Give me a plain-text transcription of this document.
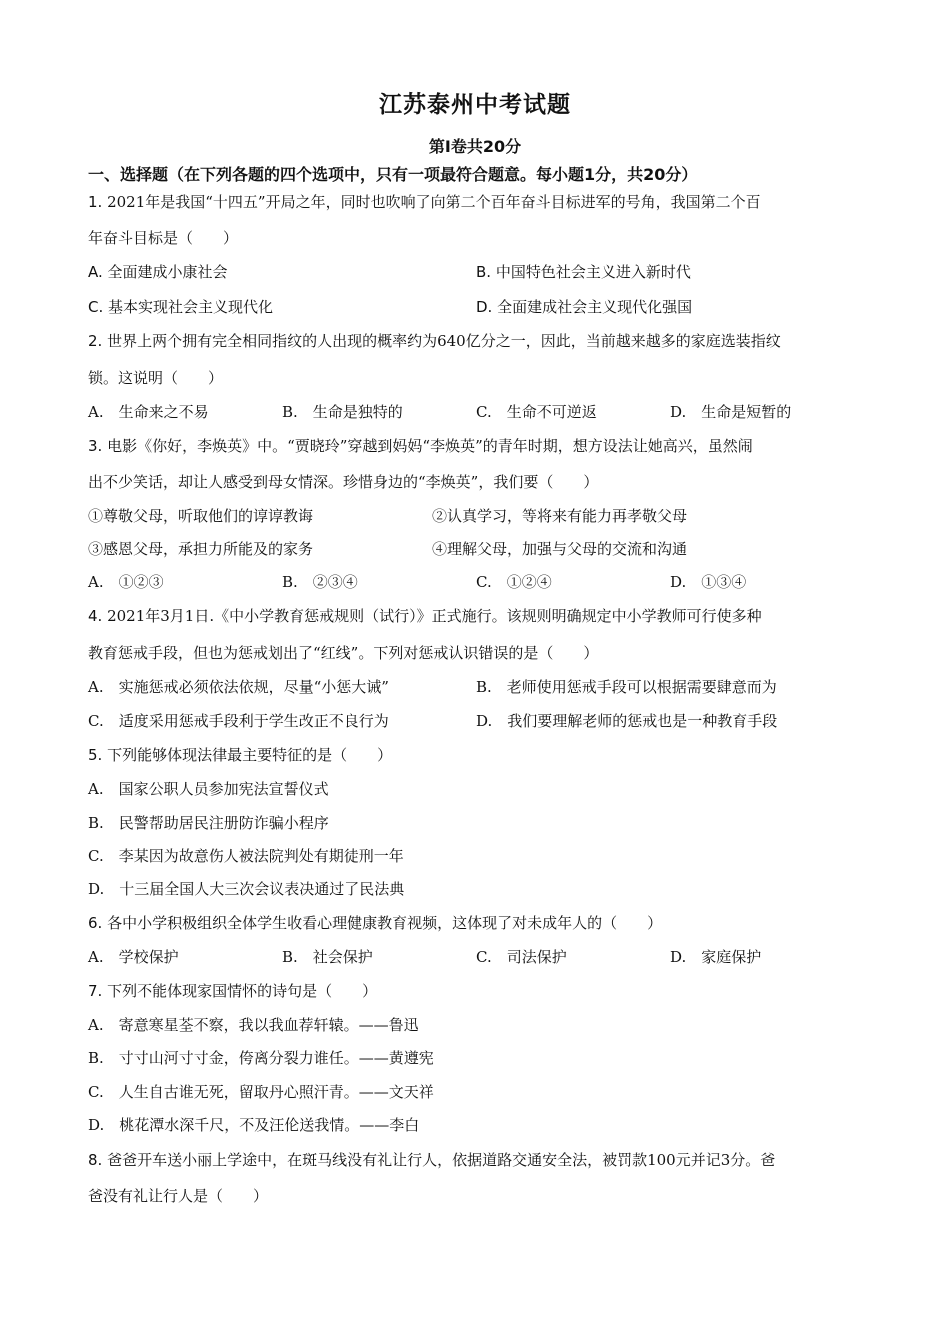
江苏泰州中考试题
第Ⅰ卷共20分
一、选择题（在下列各题的四个选项中，只有一项最符合题意。每小题1分，共20分）
1. 2021年是我国“十四五”开局之年，同时也吹响了向第二个百年奋斗目标进军的号角，我国第二个百
年奋斗目标是（　　）
A. 全面建成小康社会	B. 中国特色社会主义进入新时代
C. 基本实现社会主义现代化	D. 全面建成社会主义现代化强国
2. 世界上两个拥有完全相同指纹的人出现的概率约为640亿分之一，因此，当前越来越多的家庭选装指纹
锁。这说明（　　）
A.　生命来之不易	B.　生命是独特的	C.　生命不可逆返	D.　生命是短暂的
3. 电影《你好，李焕英》中。“贾晓玲”穿越到妈妈“李焕英”的青年时期，想方设法让她高兴，虽然闹
出不少笑话，却让人感受到母女情深。珍惜身边的“李焕英”，我们要（　　）
①尊敬父母，听取他们的谆谆教诲	②认真学习，等将来有能力再孝敬父母
③感恩父母，承担力所能及的家务	④理解父母，加强与父母的交流和沟通
A.　①②③	B.　②③④	C.　①②④	D.　①③④
4. 2021年3月1日.《中小学教育惩戒规则（试行）》正式施行。该规则明确规定中小学教师可行使多种
教育惩戒手段，但也为惩戒划出了“红线”。下列对惩戒认识错误的是（　　）
A.　实施惩戒必须依法依规，尽量“小惩大诫”	B.　老师使用惩戒手段可以根据需要肆意而为
C.　适度采用惩戒手段利于学生改正不良行为	D.　我们要理解老师的惩戒也是一种教育手段
5. 下列能够体现法律最主要特征的是（　　）
A.　国家公职人员参加宪法宣誓仪式
B.　民警帮助居民注册防诈骗小程序
C.　李某因为故意伤人被法院判处有期徒刑一年
D.　十三届全国人大三次会议表决通过了民法典
6. 各中小学积极组织全体学生收看心理健康教育视频，这体现了对未成年人的（　　）
A.　学校保护	B.　社会保护	C.　司法保护	D.　家庭保护
7. 下列不能体现家国情怀的诗句是（　　）
A.　寄意寒星荃不察，我以我血荐轩辕。——鲁迅
B.　寸寸山河寸寸金，侉离分裂力谁任。——黄遵宪
C.　人生自古谁无死，留取丹心照汗青。——文天祥
D.　桃花潭水深千尺，不及汪伦送我情。——李白
8. 爸爸开车送小丽上学途中，在斑马线没有礼让行人，依据道路交通安全法，被罚款100元并记3分。爸
爸没有礼让行人是（　　）
